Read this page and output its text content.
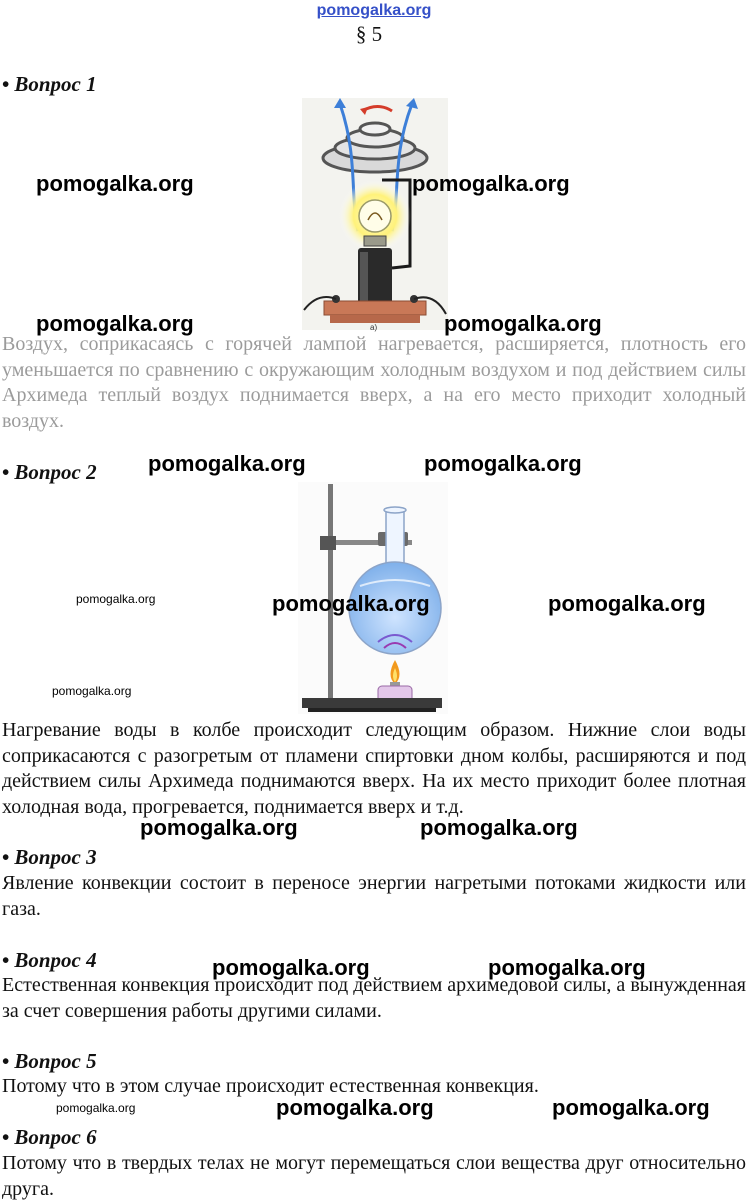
pomogalka.org
§ 5
• Вопрос 1
а)
Воздух, соприкасаясь с горячей лампой нагревается, расширяется, плотность его уменьшается по сравнению с окружающим холодным воздухом и под действием силы Архимеда теплый воздух поднимается вверх, а на его место приходит холодный воздух.
• Вопрос 2
Нагревание воды в колбе происходит следующим образом. Нижние слои воды соприкасаются с разогретым от пламени спиртовки дном колбы, расширяются и под действием силы Архимеда поднимаются вверх. На их место приходит более плотная холодная вода, прогревается, поднимается вверх и т.д.
• Вопрос 3
Явление конвекции состоит в переносе энергии нагретыми потоками жидкости или газа.
• Вопрос 4
Естественная конвекция происходит под действием архимедовой силы, а вынужденная за счет совершения работы другими силами.
• Вопрос 5
Потому что в этом случае происходит естественная конвекция.
• Вопрос 6
Потому что в твердых телах не могут перемещаться слои вещества друг относительно друга.
pomogalka.org	pomogalka.org
pomogalka.org	pomogalka.org
pomogalka.org	pomogalka.org
pomogalka.org	pomogalka.org	pomogalka.org
pomogalka.org
pomogalka.org	pomogalka.org
pomogalka.org	pomogalka.org
pomogalka.org	pomogalka.org	pomogalka.org
